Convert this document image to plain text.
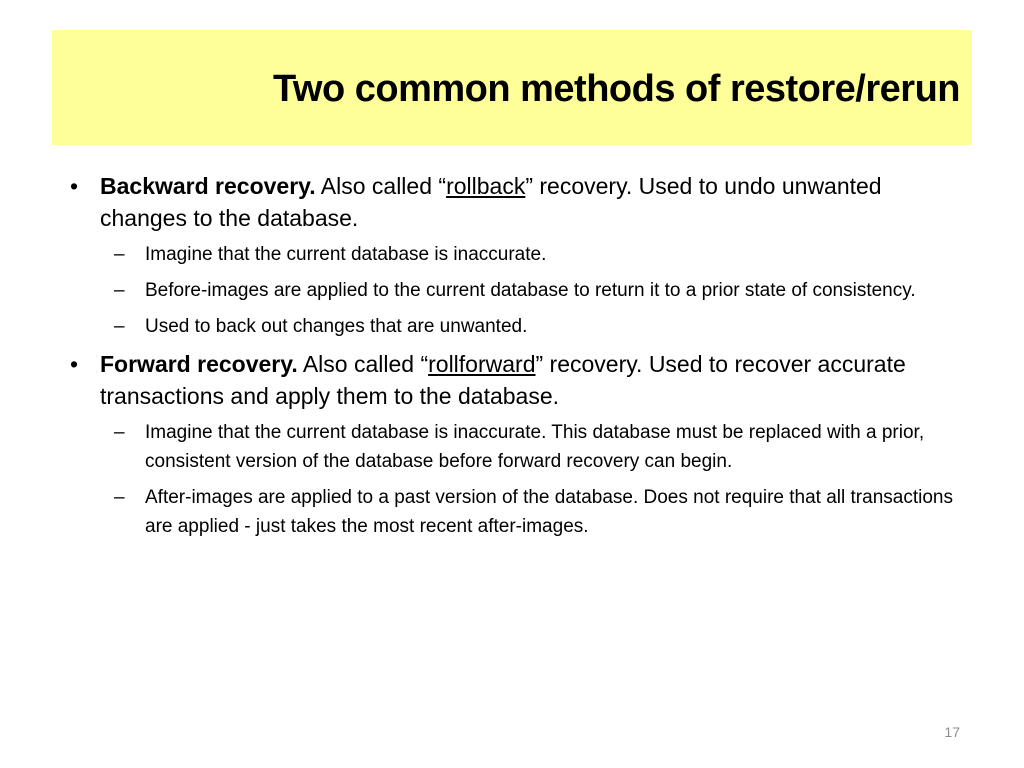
Two common methods of restore/rerun
• Backward recovery. Also called “rollback” recovery. Used to undo unwanted changes to the database.
– Imagine that the current database is inaccurate.
– Before-images are applied to the current database to return it to a prior state of consistency.
– Used to back out changes that are unwanted.
• Forward recovery. Also called “rollforward” recovery. Used to recover accurate transactions and apply them to the database.
– Imagine that the current database is inaccurate. This database must be replaced with a prior, consistent version of the database before forward recovery can begin.
– After-images are applied to a past version of the database. Does not require that all transactions are applied - just takes the most recent after-images.
17
